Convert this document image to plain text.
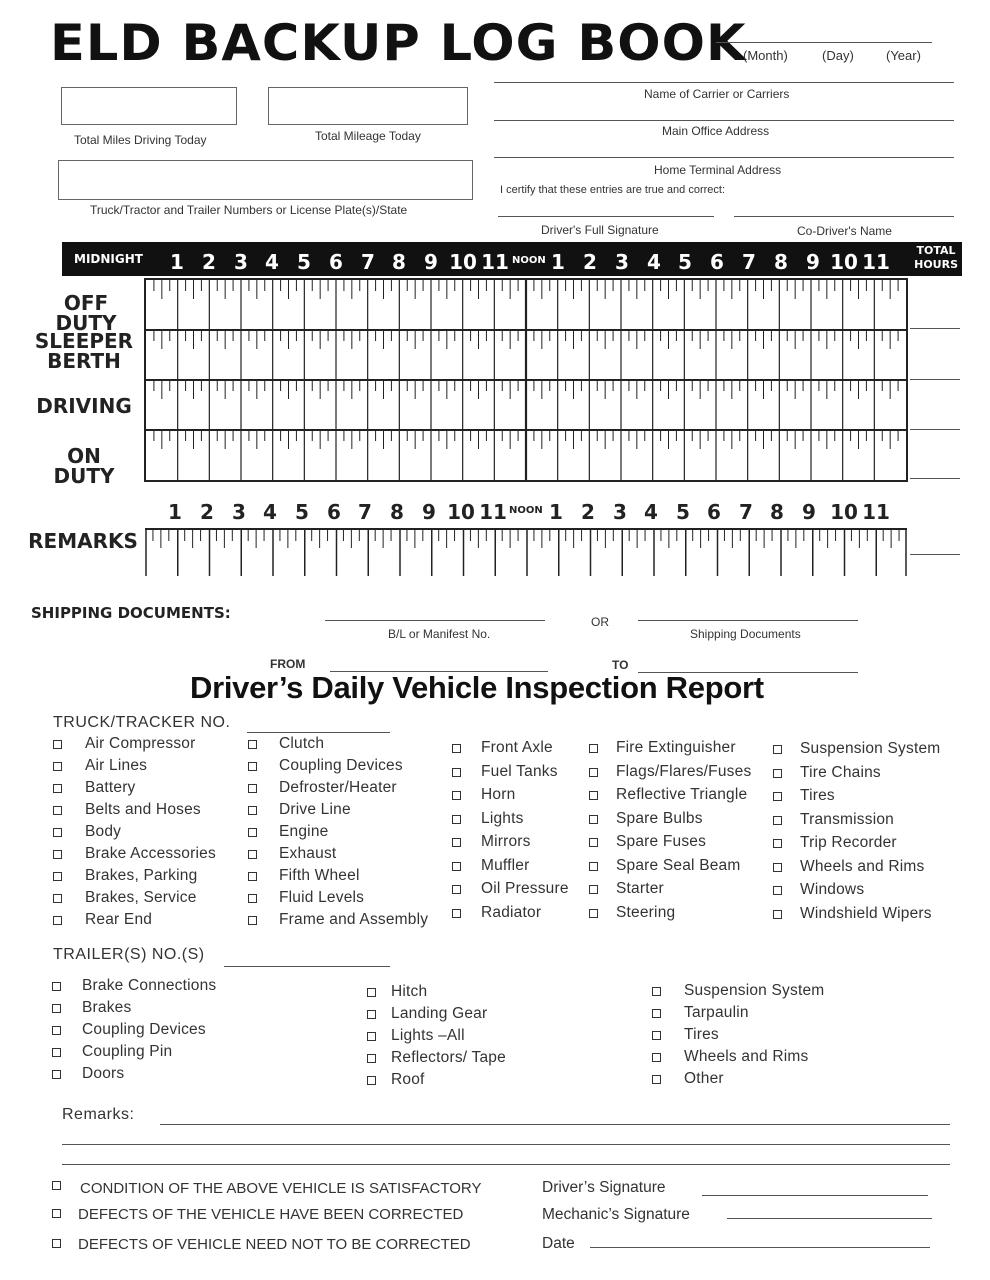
ELD BACKUP LOG BOOK
(Month)	(Day) (Year)
Total Miles Driving Today	Total Mileage Today
Truck/Tractor and Trailer Numbers or License Plate(s)/State
Name of Carrier or Carriers
Main Office Address
Home Terminal Address
I certify that these entries are true and correct:
Driver's Full Signature	Co-Driver's Name
MIDNIGHT	1 2 3 4 5 6 7 8 9 10 11 NOON 1 2 3 4 5 6 7 8 9 10 11 TOTAL
HOURS
OFF DUTY
SLEEPER
BERTH
DRIVING
ON DUTY
1 2 3 4 5 6 7 8 9 10 11 NOON 1 2 3 4 5 6 7 8 9 10 11
REMARKS
SHIPPING DOCUMENTS:
B/L or Manifest No.
OR
Shipping Documents
FROM	TO
Driver’s Daily Vehicle Inspection Report
TRUCK/TRACKER NO.
Air Compressor
Air Lines
Battery
Belts and Hoses
Body
Brake Accessories
Brakes, Parking
Brakes, Service
Rear End
Clutch
Coupling Devices
Defroster/Heater
Drive Line
Engine
Exhaust
Fifth Wheel
Fluid Levels
Frame and Assembly
Front Axle
Fuel Tanks
Horn
Lights
Mirrors
Muffler
Oil Pressure
Radiator
Fire Extinguisher
Flags/Flares/Fuses
Reflective Triangle
Spare Bulbs
Spare Fuses
Spare Seal Beam
Starter
Steering
Suspension System
Tire Chains
Tires
Transmission
Trip Recorder
Wheels and Rims
Windows
Windshield Wipers
TRAILER(S) NO.(S)
Brake Connections
Brakes
Coupling Devices
Coupling Pin
Doors
Hitch
Landing Gear
Lights –All
Reflectors/ Tape
Roof
Suspension System
Tarpaulin
Tires
Wheels and Rims
Other
Remarks:
CONDITION OF THE ABOVE VEHICLE IS SATISFACTORY
DEFECTS OF THE VEHICLE HAVE BEEN CORRECTED
DEFECTS OF VEHICLE NEED NOT TO BE CORRECTED
Driver’s Signature
Mechanic’s Signature
Date
